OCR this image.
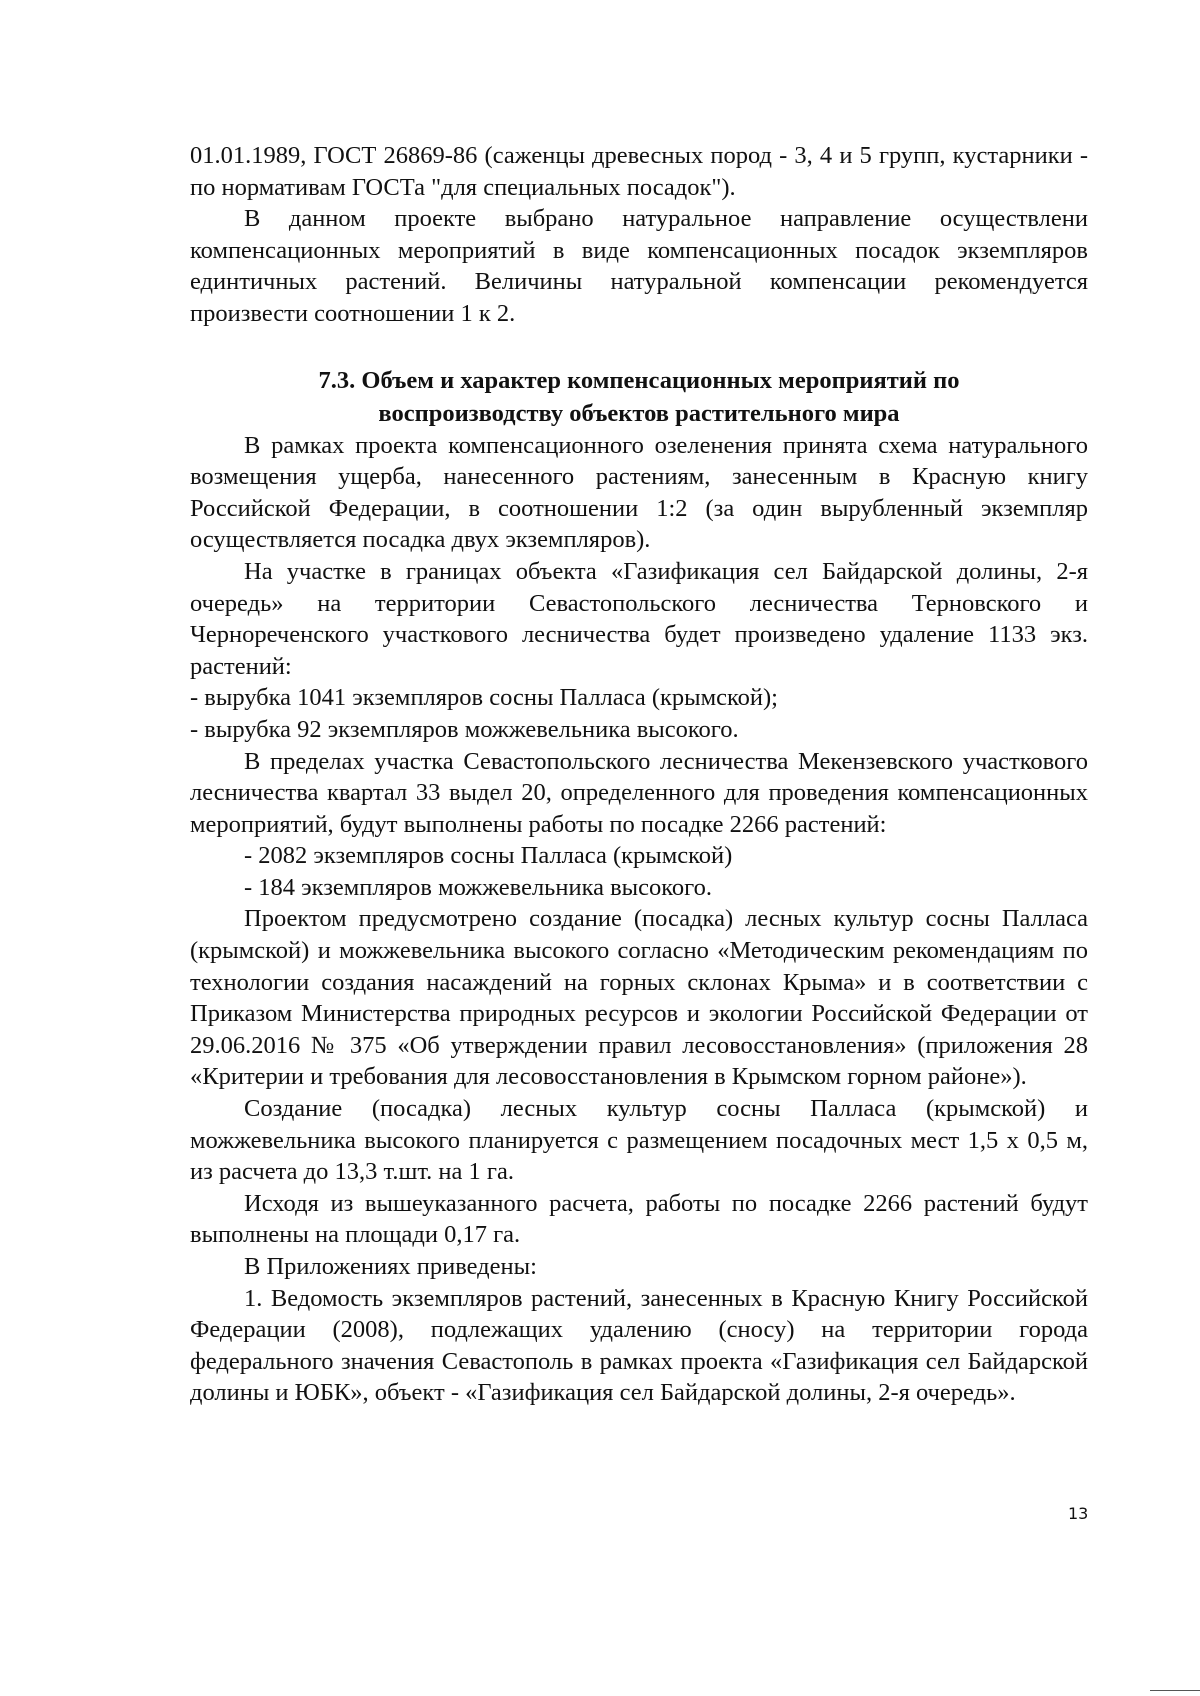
01.01.1989, ГОСТ 26869-86 (саженцы древесных пород - 3, 4 и 5 групп, кустарники - по нормативам ГОСТа "для специальных посадок").

В данном проекте выбрано натуральное направление осуществлени компенсационных мероприятий в виде компенсационных посадок экземпляров единтичных растений. Величины натуральной компенсации рекомендуется произвести соотношении 1 к 2.

7.3. Объем и характер компенсационных мероприятий по воспроизводству объектов растительного мира

В рамках проекта компенсационного озеленения принята схема натурального возмещения ущерба, нанесенного растениям, занесенным в Красную книгу Российской Федерации, в соотношении 1:2 (за один вырубленный экземпляр осуществляется посадка двух экземпляров).

На участке в границах объекта «Газификация сел Байдарской долины, 2-я очередь» на территории Севастопольского лесничества Терновского и Чернореченского участкового лесничества будет произведено удаление 1133 экз. растений:

- вырубка 1041 экземпляров сосны Палласа (крымской);

- вырубка 92 экземпляров можжевельника высокого.

В пределах участка Севастопольского лесничества Мекензевского участкового лесничества квартал 33 выдел 20, определенного для проведения компенсационных мероприятий, будут выполнены работы по посадке 2266 растений:

- 2082 экземпляров сосны Палласа (крымской)

- 184 экземпляров можжевельника высокого.

Проектом предусмотрено создание (посадка) лесных культур сосны Палласа (крымской) и можжевельника высокого согласно «Методическим рекомендациям по технологии создания насаждений на горных склонах Крыма» и в соответствии с Приказом Министерства природных ресурсов и экологии Российской Федерации от 29.06.2016 № 375 «Об утверждении правил лесовосстановления» (приложения 28 «Критерии и требования для лесовосстановления в Крымском горном районе»).

Создание (посадка) лесных культур сосны Палласа (крымской) и можжевельника высокого планируется с размещением посадочных мест 1,5 х 0,5 м, из расчета до 13,3 т.шт. на 1 га.

Исходя из вышеуказанного расчета, работы по посадке 2266 растений будут выполнены на площади 0,17 га.

В Приложениях приведены:

1. Ведомость экземпляров растений, занесенных в Красную Книгу Российской Федерации (2008), подлежащих удалению (сносу) на территории города федерального значения Севастополь в рамках проекта «Газификация сел Байдарской долины и ЮБК», объект - «Газификация сел Байдарской долины, 2-я очередь».

13
